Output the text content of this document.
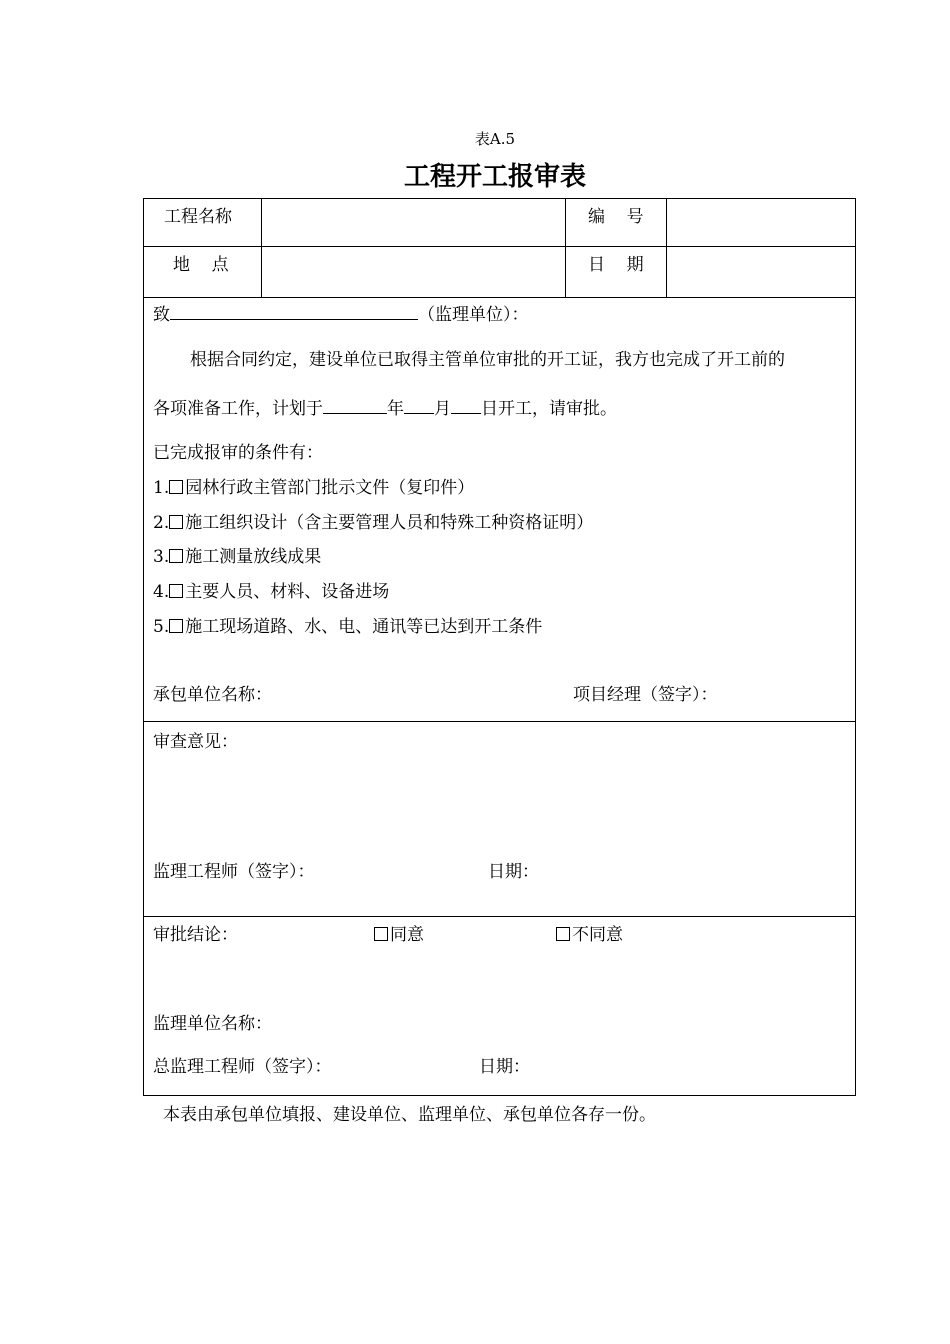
表A.5
工程开工报审表
工程名称	编    号
地    点	日    期
致	（监理单位）：
根据合同约定，建设单位已取得主管单位审批的开工证，我方也完成了开工前的
各项准备工作，计划于	年 月 日开工，请审批。
已完成报审的条件有：
1. 园林行政主管部门批示文件（复印件）
2. 施工组织设计（含主要管理人员和特殊工种资格证明）
3. 施工测量放线成果
4. 主要人员、材料、设备进场
5. 施工现场道路、水、电、通讯等已达到开工条件
承包单位名称：	项目经理（签字）：
审查意见：
监理工程师（签字）：	日期：
审批结论：	同意	不同意
监理单位名称：
总监理工程师（签字）：	日期：
本表由承包单位填报、建设单位、监理单位、承包单位各存一份。
